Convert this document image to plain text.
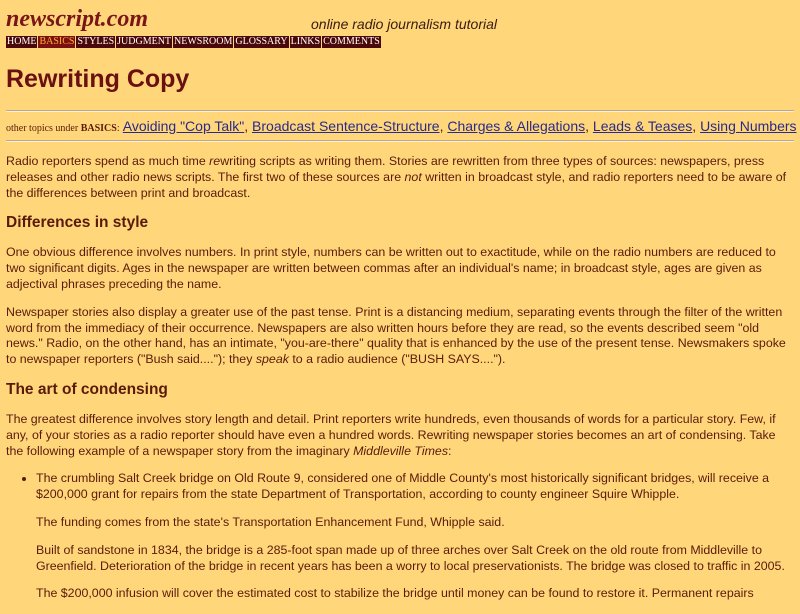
newscript.com	online radio journalism tutorial
HOME BASICS STYLES JUDGMENT NEWSROOM GLOSSARY LINKS COMMENTS
Rewriting Copy
other topics under BASICS: Avoiding "Cop Talk", Broadcast Sentence-Structure, Charges & Allegations, Leads & Teases, Using Numbers

Radio reporters spend as much time rewriting scripts as writing them. Stories are rewritten from three types of sources: newspapers, press releases and other radio news scripts. The first two of these sources are not written in broadcast style, and radio reporters need to be aware of the differences between print and broadcast.

Differences in style

One obvious difference involves numbers. In print style, numbers can be written out to exactitude, while on the radio numbers are reduced to two significant digits. Ages in the newspaper are written between commas after an individual's name; in broadcast style, ages are given as adjectival phrases preceding the name.

Newspaper stories also display a greater use of the past tense. Print is a distancing medium, separating events through the filter of the written word from the immediacy of their occurrence. Newspapers are also written hours before they are read, so the events described seem "old news." Radio, on the other hand, has an intimate, "you-are-there" quality that is enhanced by the use of the present tense. Newsmakers spoke to newspaper reporters ("Bush said...."); they speak to a radio audience ("BUSH SAYS....").

The art of condensing

The greatest difference involves story length and detail. Print reporters write hundreds, even thousands of words for a particular story. Few, if any, of your stories as a radio reporter should have even a hundred words. Rewriting newspaper stories becomes an art of condensing. Take the following example of a newspaper story from the imaginary Middleville Times:

• The crumbling Salt Creek bridge on Old Route 9, considered one of Middle County's most historically significant bridges, will receive a $200,000 grant for repairs from the state Department of Transportation, according to county engineer Squire Whipple.

The funding comes from the state's Transportation Enhancement Fund, Whipple said.

Built of sandstone in 1834, the bridge is a 285-foot span made up of three arches over Salt Creek on the old route from Middleville to Greenfield. Deterioration of the bridge in recent years has been a worry to local preservationists. The bridge was closed to traffic in 2005.

The $200,000 infusion will cover the estimated cost to stabilize the bridge until money can be found to restore it. Permanent repairs
